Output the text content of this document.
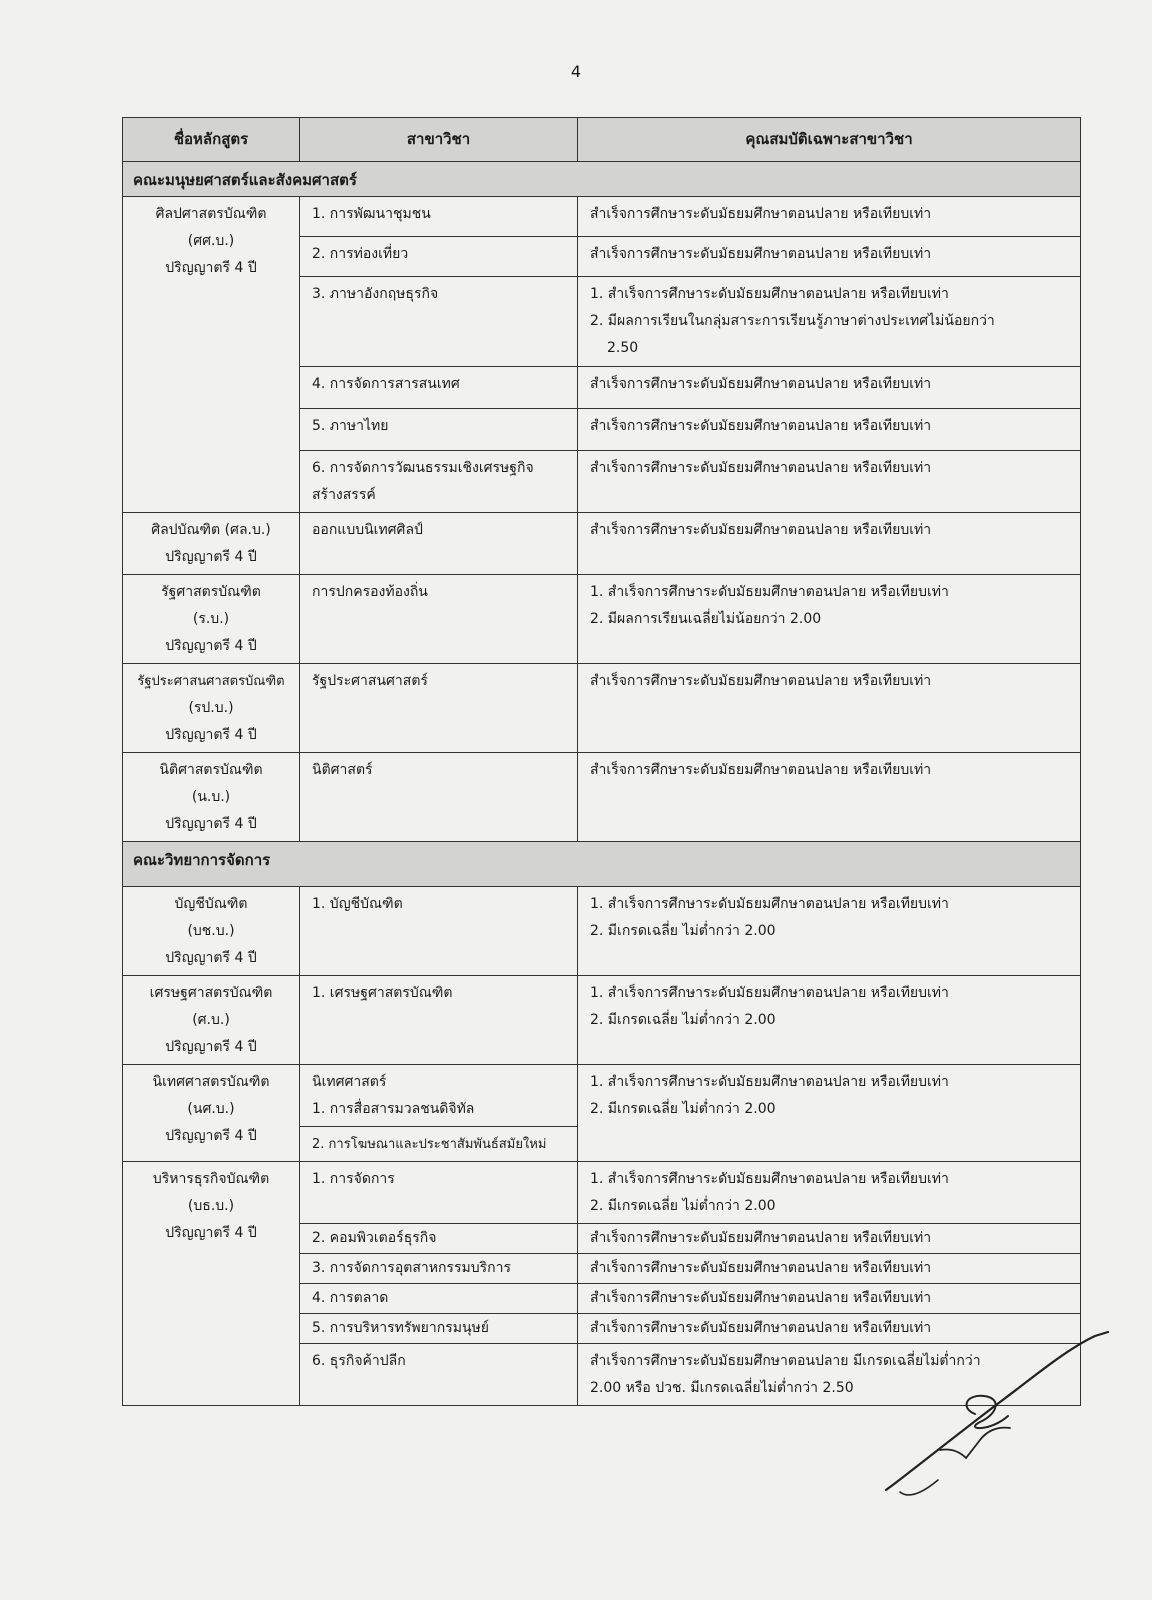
4
ชื่อหลักสูตร	สาขาวิชา	คุณสมบัติเฉพาะสาขาวิชา
คณะมนุษยศาสตร์และสังคมศาสตร์		

ศิลปศาสตรบัณฑิต
(ศศ.บ.)
ปริญญาตรี 4 ปี	1. การพัฒนาชุมชน	สำเร็จการศึกษาระดับมัธยมศึกษาตอนปลาย หรือเทียบเท่า
	2. การท่องเที่ยว	สำเร็จการศึกษาระดับมัธยมศึกษาตอนปลาย หรือเทียบเท่า
	3. ภาษาอังกฤษธุรกิจ	1. สำเร็จการศึกษาระดับมัธยมศึกษาตอนปลาย หรือเทียบเท่า
2. มีผลการเรียนในกลุ่มสาระการเรียนรู้ภาษาต่างประเทศไม่น้อยกว่า
2.50

	4. การจัดการสารสนเทศ	สำเร็จการศึกษาระดับมัธยมศึกษาตอนปลาย หรือเทียบเท่า
	5. ภาษาไทย	สำเร็จการศึกษาระดับมัธยมศึกษาตอนปลาย หรือเทียบเท่า

	6. การจัดการวัฒนธรรมเชิงเศรษฐกิจ
สร้างสรรค์	สำเร็จการศึกษาระดับมัธยมศึกษาตอนปลาย หรือเทียบเท่า

ศิลปบัณฑิต (ศล.บ.)
ปริญญาตรี 4 ปี	ออกแบบนิเทศศิลป์	สำเร็จการศึกษาระดับมัธยมศึกษาตอนปลาย หรือเทียบเท่า

รัฐศาสตรบัณฑิต
(ร.บ.)
ปริญญาตรี 4 ปี	การปกครองท้องถิ่น	1. สำเร็จการศึกษาระดับมัธยมศึกษาตอนปลาย หรือเทียบเท่า
2. มีผลการเรียนเฉลี่ยไม่น้อยกว่า 2.00

รัฐประศาสนศาสตรบัณฑิต
(รป.บ.)
ปริญญาตรี 4 ปี	รัฐประศาสนศาสตร์	สำเร็จการศึกษาระดับมัธยมศึกษาตอนปลาย หรือเทียบเท่า

นิติศาสตรบัณฑิต
(น.บ.)
ปริญญาตรี 4 ปี	นิติศาสตร์	สำเร็จการศึกษาระดับมัธยมศึกษาตอนปลาย หรือเทียบเท่า
คณะวิทยาการจัดการ		

บัญชีบัณฑิต
(บช.บ.)
ปริญญาตรี 4 ปี	1. บัญชีบัณฑิต	1. สำเร็จการศึกษาระดับมัธยมศึกษาตอนปลาย หรือเทียบเท่า
2. มีเกรดเฉลี่ย ไม่ต่ำกว่า 2.00

เศรษฐศาสตรบัณฑิต
(ศ.บ.)
ปริญญาตรี 4 ปี	1. เศรษฐศาสตรบัณฑิต	1. สำเร็จการศึกษาระดับมัธยมศึกษาตอนปลาย หรือเทียบเท่า
2. มีเกรดเฉลี่ย ไม่ต่ำกว่า 2.00

นิเทศศาสตรบัณฑิต
(นศ.บ.)
ปริญญาตรี 4 ปี	นิเทศศาสตร์
1. การสื่อสารมวลชนดิจิทัล	1. สำเร็จการศึกษาระดับมัธยมศึกษาตอนปลาย หรือเทียบเท่า
2. มีเกรดเฉลี่ย ไม่ต่ำกว่า 2.00

	2. การโฆษณาและประชาสัมพันธ์สมัยใหม่	

บริหารธุรกิจบัณฑิต
(บธ.บ.)
ปริญญาตรี 4 ปี	1. การจัดการ	1. สำเร็จการศึกษาระดับมัธยมศึกษาตอนปลาย หรือเทียบเท่า
2. มีเกรดเฉลี่ย ไม่ต่ำกว่า 2.00

	2. คอมพิวเตอร์ธุรกิจ	สำเร็จการศึกษาระดับมัธยมศึกษาตอนปลาย หรือเทียบเท่า
	3. การจัดการอุตสาหกรรมบริการ	สำเร็จการศึกษาระดับมัธยมศึกษาตอนปลาย หรือเทียบเท่า
	4. การตลาด	สำเร็จการศึกษาระดับมัธยมศึกษาตอนปลาย หรือเทียบเท่า
	5. การบริหารทรัพยากรมนุษย์	สำเร็จการศึกษาระดับมัธยมศึกษาตอนปลาย หรือเทียบเท่า
	6. ธุรกิจค้าปลีก	สำเร็จการศึกษาระดับมัธยมศึกษาตอนปลาย มีเกรดเฉลี่ยไม่ต่ำกว่า
2.00 หรือ ปวช. มีเกรดเฉลี่ยไม่ต่ำกว่า 2.50
